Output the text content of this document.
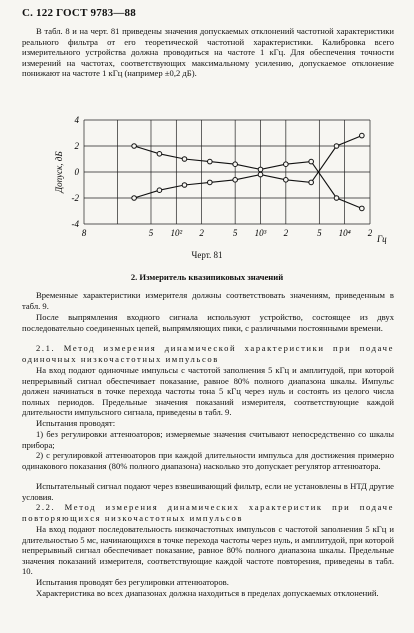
С. 122 ГОСТ 9783—88

В табл. 8 и на черт. 81 приведены значения допускаемых отклонений частотной характеристики реального фильтра от его теоретической частотной характеристики. Калибровка всего измерительного устройства должна проводиться на частоте 1 кГц. Для обеспечения точности измерений на частотах, соответствующих максимальному усилению, допускаемое отклонение понижают на частоте 1 кГц (например ±0,2 дБ).

Допуск, дБ
4
2
0
-2
-4
8	5 10² 2	5 10³ 2	5 10⁴ 2
Гц
Черт. 81
2. Измеритель квазипиковых значений

Временные характеристики измерителя должны соответствовать значениям, приведенным в табл. 9.

После выпрямления входного сигнала используют устройство, состоящее из двух последовательно соединенных цепей, выпрямляющих пики, с различными постоянными времени.

2.1. Метод измерения динамической характеристики при подаче одиночных низкочастотных импульсов

На вход подают одиночные импульсы с частотой заполнения 5 кГц и амплитудой, при которой непрерывный сигнал обеспечивает показание, равное 80% полного диапазона шкалы. Импульс должен начинаться в точке перехода частоты тона 5 кГц через нуль и состоять из целого числа полных периодов. Предельные значения показаний измерителя, соответствующие каждой длительности импульсного сигнала, приведены в табл. 9.

Испытания проводят:

1) без регулировки аттенюаторов; измеряемые значения считывают непосредственно со шкалы прибора;

2) с регулировкой аттенюаторов при каждой длительности импульса для достижения примерно одинакового показания (80% полного диапазона) насколько это допускает регулятор аттенюатора.

Испытательный сигнал подают через взвешивающий фильтр, если не установлены в НТД другие условия.

2.2. Метод измерения динамических характеристик при подаче повторяющихся низкочастотных импульсов

На вход подают последовательность низкочастотных импульсов с частотой заполнения 5 кГц и длительностью 5 мс, начинающихся в точке перехода частоты через нуль, и амплитудой, при которой непрерывный сигнал обеспечивает показание, равное 80% полного диапазона шкалы. Предельные значения показаний измерителя, соответствующие каждой частоте повторения, приведены в табл. 10.

Испытания проводят без регулировки аттенюаторов.

Характеристика во всех диапазонах должна находиться в пределах допускаемых отклонений.
